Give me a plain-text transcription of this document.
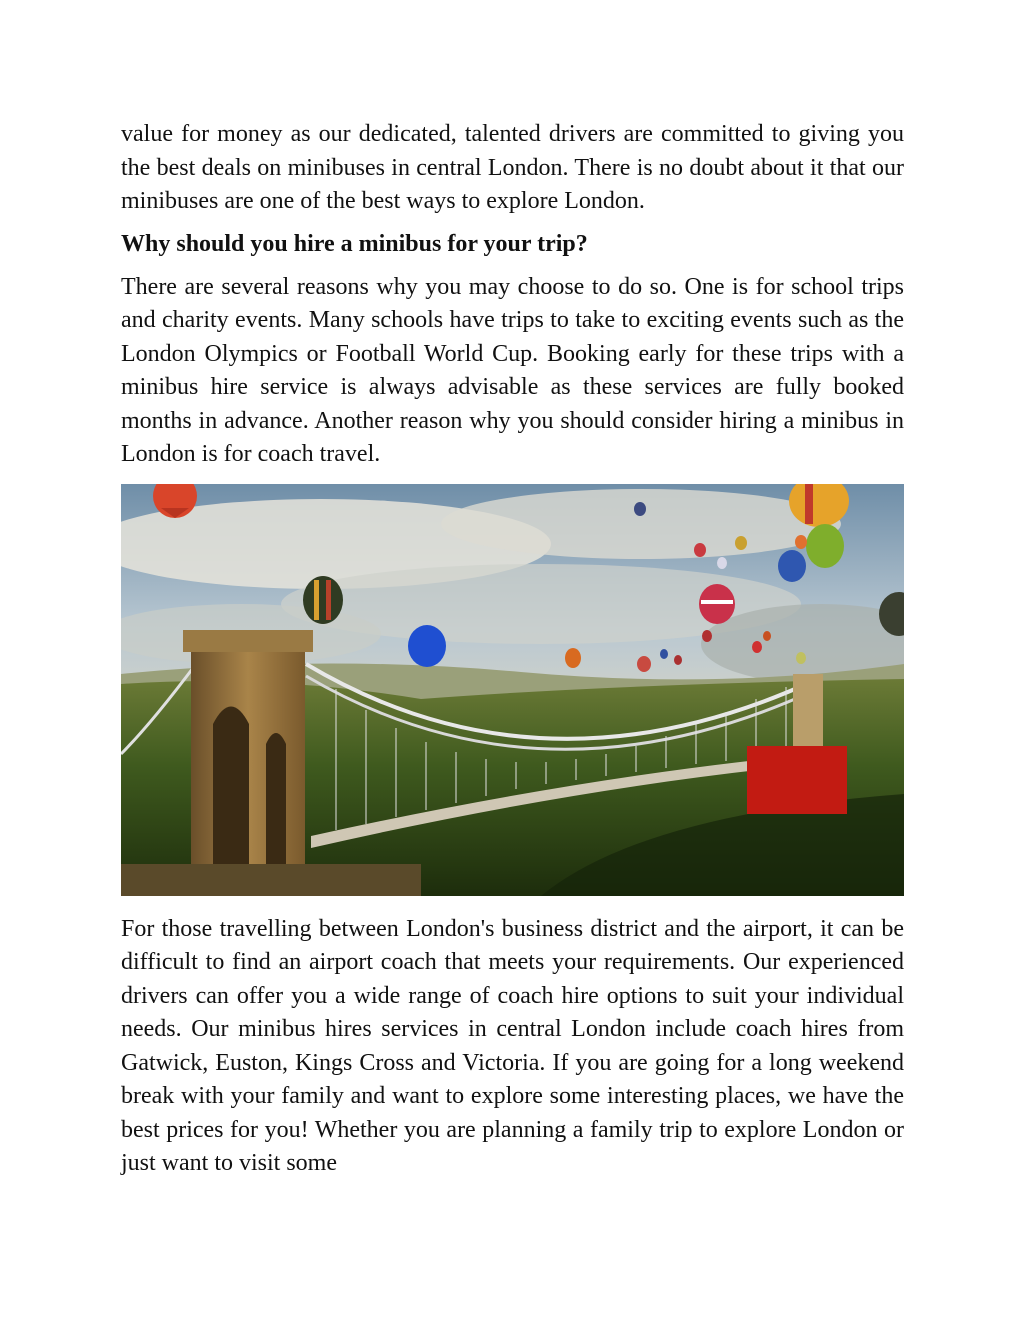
value for money as our dedicated, talented drivers are committed to giving you the best deals on minibuses in central London. There is no doubt about it that our minibuses are one of the best ways to explore London.

Why should you hire a minibus for your trip?

There are several reasons why you may choose to do so. One is for school trips and charity events. Many schools have trips to take to exciting events such as the London Olympics or Football World Cup. Booking early for these trips with a minibus hire service is always advisable as these services are fully booked months in advance. Another reason why you should consider hiring a minibus in London is for coach travel.

For those travelling between London's business district and the airport, it can be difficult to find an airport coach that meets your requirements. Our experienced drivers can offer you a wide range of coach hire options to suit your individual needs. Our minibus hires services in central London include coach hires from Gatwick, Euston, Kings Cross and Victoria. If you are going for a long weekend break with your family and want to explore some interesting places, we have the best prices for you! Whether you are planning a family trip to explore London or just want to visit some
